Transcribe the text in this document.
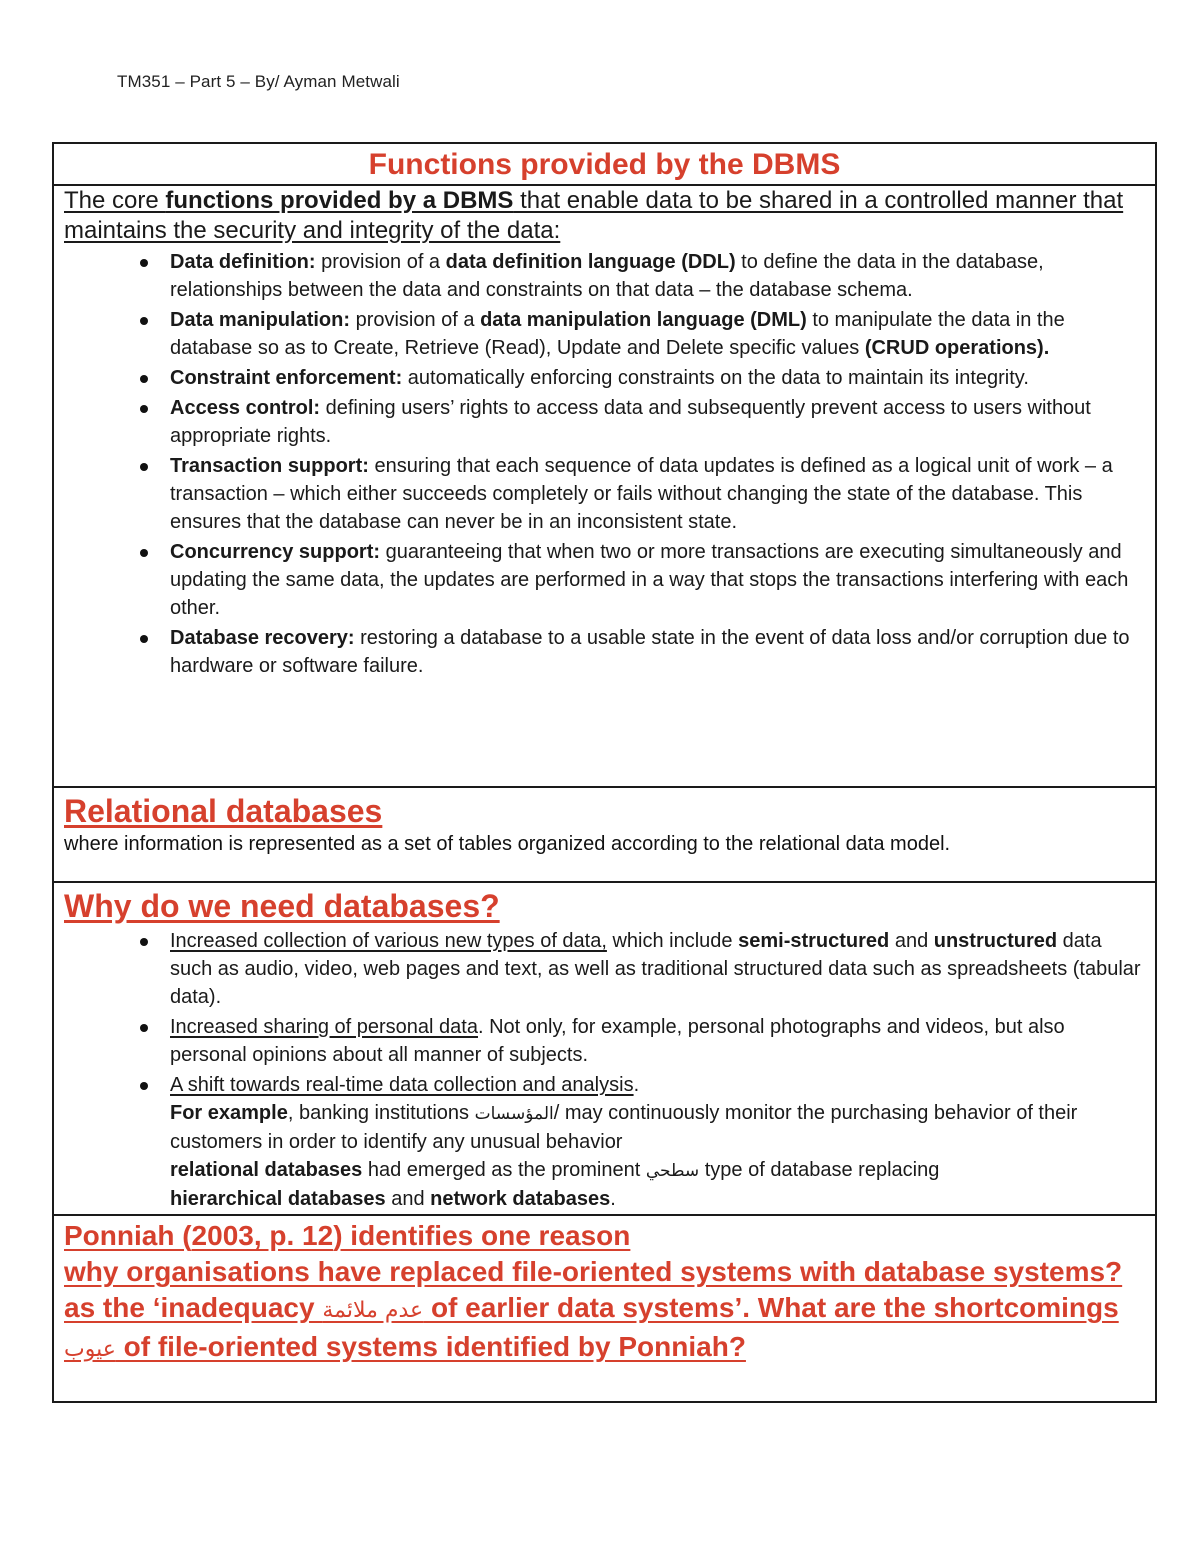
TM351 – Part 5 – By/ Ayman Metwali
Functions provided by the DBMS

The core functions provided by a DBMS that enable data to be shared in a controlled manner that maintains the security and integrity of the data:

Data definition: provision of a data definition language (DDL) to define the data in the database, relationships between the data and constraints on that data – the database schema.
Data manipulation: provision of a data manipulation language (DML) to manipulate the data in the database so as to Create, Retrieve (Read), Update and Delete specific values (CRUD operations).
Constraint enforcement: automatically enforcing constraints on the data to maintain its integrity.
Access control: defining users’ rights to access data and subsequently prevent access to users without appropriate rights.
Transaction support: ensuring that each sequence of data updates is defined as a logical unit of work – a transaction – which either succeeds completely or fails without changing the state of the database. This ensures that the database can never be in an inconsistent state.
Concurrency support: guaranteeing that when two or more transactions are executing simultaneously and updating the same data, the updates are performed in a way that stops the transactions interfering with each other.
Database recovery: restoring a database to a usable state in the event of data loss and/or corruption due to hardware or software failure.
Relational databases

where information is represented as a set of tables organized according to the relational data model.

Why do we need databases?
Increased collection of various new types of data, which include semi-structured and unstructured data such as audio, video, web pages and text, as well as traditional structured data such as spreadsheets (tabular data).
Increased sharing of personal data. Not only, for example, personal photographs and videos, but also personal opinions about all manner of subjects.
A shift towards real-time data collection and analysis.
For example, banking institutions المؤسسات/ may continuously monitor the purchasing behavior of their customers in order to identify any unusual behavior
relational databases had emerged as the prominent سطحي type of database replacing
hierarchical databases and network databases.

Ponniah (2003, p. 12) identifies one reason
why organisations have replaced file-oriented systems with database systems? as the ‘inadequacy عدم ملائمة of earlier data systems’. What are the shortcomings عيوب of file-oriented systems identified by Ponniah?
